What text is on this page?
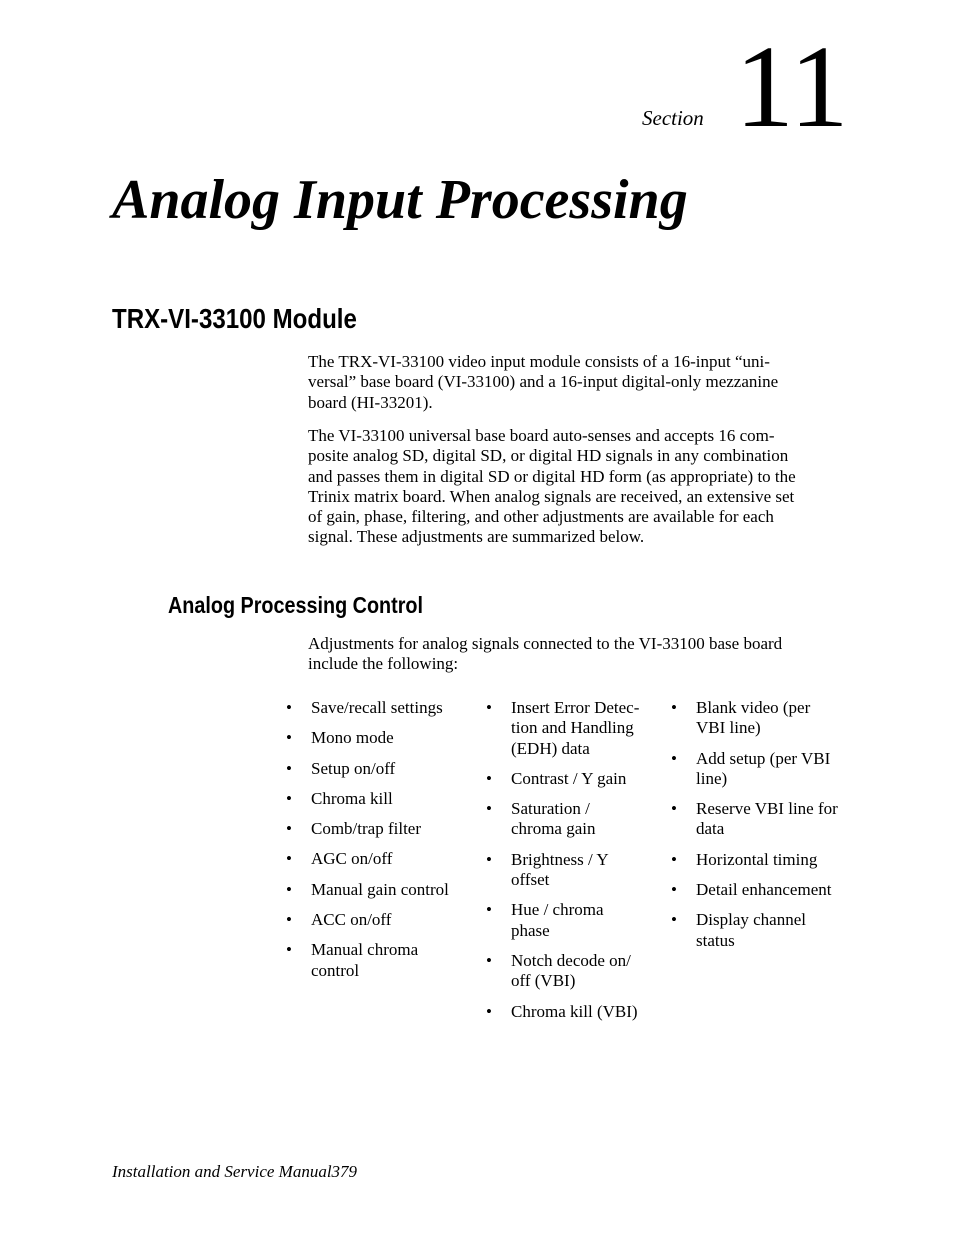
Section 11
Analog Input Processing
TRX-VI-33100 Module

The TRX-VI-33100 video input module consists of a 16-input “uni-
versal” base board (VI-33100) and a 16-input digital-only mezzanine
board (HI-33201).

The VI-33100 universal base board auto-senses and accepts 16 com-
posite analog SD, digital SD, or digital HD signals in any combination
and passes them in digital SD or digital HD form (as appropriate) to the
Trinix matrix board. When analog signals are received, an extensive set
of gain, phase, filtering, and other adjustments are available for each
signal. These adjustments are summarized below.

Analog Processing Control

Adjustments for analog signals connected to the VI-33100 base board
include the following:

• Save/recall settings
• Mono mode
• Setup on/off
• Chroma kill
• Comb/trap filter
• AGC on/off
• Manual gain control
• ACC on/off
• Manual chroma
control
• Insert Error Detec-
tion and Handling
(EDH) data
• Contrast / Y gain
• Saturation /
chroma gain
• Brightness / Y
offset
• Hue / chroma
phase
• Notch decode on/
off (VBI)
• Chroma kill (VBI)
• Blank video (per
VBI line)
• Add setup (per VBI
line)
• Reserve VBI line for
data
• Horizontal timing
• Detail enhancement
• Display channel
status
Installation and Service Manual379
